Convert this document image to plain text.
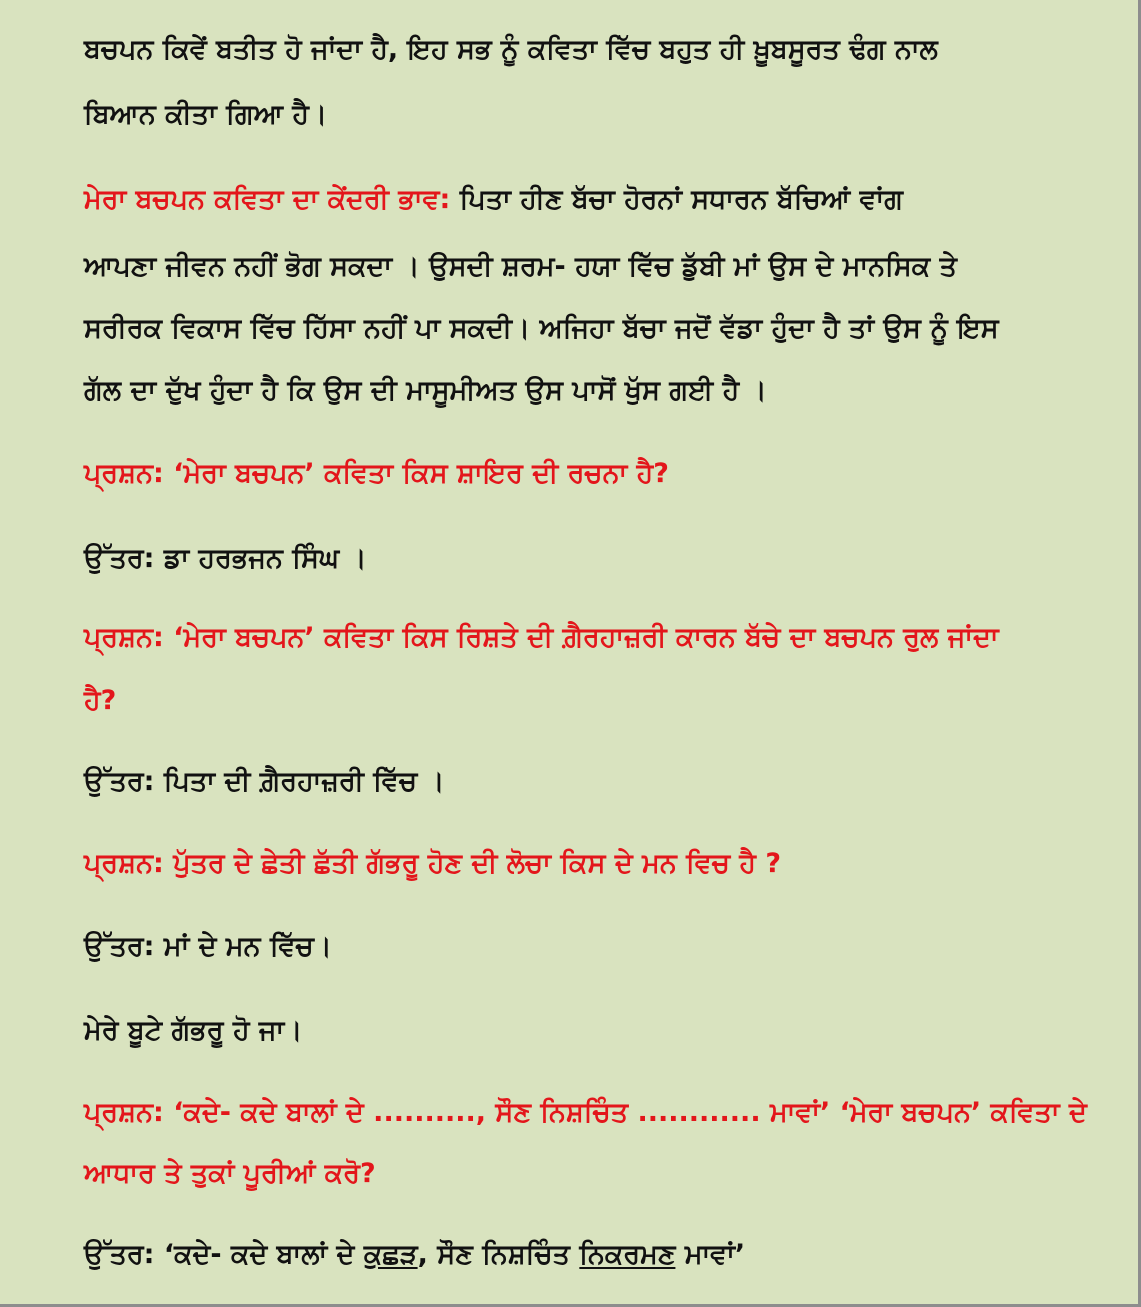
ਬਚਪਨ ਕਿਵੇਂ ਬਤੀਤ ਹੋ ਜਾਂਦਾ ਹੈ, ਇਹ ਸਭ ਨੂੰ ਕਵਿਤਾ ਵਿੱਚ ਬਹੁਤ ਹੀ ਖ਼ੂਬਸੂਰਤ ਢੰਗ ਨਾਲ
ਬਿਆਨ ਕੀਤਾ ਗਿਆ ਹੈ।
ਮੇਰਾ ਬਚਪਨ ਕਵਿਤਾ ਦਾ ਕੇਂਦਰੀ ਭਾਵ: ਪਿਤਾ ਹੀਣ ਬੱਚਾ ਹੋਰਨਾਂ ਸਧਾਰਨ ਬੱਚਿਆਂ ਵਾਂਗ
ਆਪਣਾ ਜੀਵਨ ਨਹੀਂ ਭੋਗ ਸਕਦਾ । ਉਸਦੀ ਸ਼ਰਮ- ਹਯਾ ਵਿੱਚ ਡੁੱਬੀ ਮਾਂ ਉਸ ਦੇ ਮਾਨਸਿਕ ਤੇ
ਸਰੀਰਕ ਵਿਕਾਸ ਵਿੱਚ ਹਿੱਸਾ ਨਹੀਂ ਪਾ ਸਕਦੀ। ਅਜਿਹਾ ਬੱਚਾ ਜਦੋਂ ਵੱਡਾ ਹੁੰਦਾ ਹੈ ਤਾਂ ਉਸ ਨੂੰ ਇਸ
ਗੱਲ ਦਾ ਦੁੱਖ ਹੁੰਦਾ ਹੈ ਕਿ ਉਸ ਦੀ ਮਾਸੂਮੀਅਤ ਉਸ ਪਾਸੋਂ ਖੁੱਸ ਗਈ ਹੈ ।
ਪ੍ਰਸ਼ਨ: ‘ਮੇਰਾ ਬਚਪਨ’ ਕਵਿਤਾ ਕਿਸ ਸ਼ਾਇਰ ਦੀ ਰਚਨਾ ਹੈ?
ਉੱਤਰ: ਡਾ ਹਰਭਜਨ ਸਿੰਘ ।
ਪ੍ਰਸ਼ਨ: ‘ਮੇਰਾ ਬਚਪਨ’ ਕਵਿਤਾ ਕਿਸ ਰਿਸ਼ਤੇ ਦੀ ਗ਼ੈਰਹਾਜ਼ਰੀ ਕਾਰਨ ਬੱਚੇ ਦਾ ਬਚਪਨ ਰੁਲ ਜਾਂਦਾ
ਹੈ?
ਉੱਤਰ: ਪਿਤਾ ਦੀ ਗ਼ੈਰਹਾਜ਼ਰੀ ਵਿੱਚ ।
ਪ੍ਰਸ਼ਨ: ਪੁੱਤਰ ਦੇ ਛੇਤੀ ਛੱਤੀ ਗੱਭਰੂ ਹੋਣ ਦੀ ਲੋਚਾ ਕਿਸ ਦੇ ਮਨ ਵਿਚ ਹੈ ?
ਉੱਤਰ: ਮਾਂ ਦੇ ਮਨ ਵਿੱਚ।
ਮੇਰੇ ਬੂਟੇ ਗੱਭਰੂ ਹੋ ਜਾ।
ਪ੍ਰਸ਼ਨ: ‘ਕਦੇ- ਕਦੇ ਬਾਲਾਂ ਦੇ .........., ਸੌਣ ਨਿਸ਼ਚਿੰਤ ............ ਮਾਵਾਂ’ ‘ਮੇਰਾ ਬਚਪਨ’ ਕਵਿਤਾ ਦੇ
ਆਧਾਰ ਤੇ ਤੁਕਾਂ ਪੂਰੀਆਂ ਕਰੋ?
ਉੱਤਰ: ‘ਕਦੇ- ਕਦੇ ਬਾਲਾਂ ਦੇ ਕੁਛੜ, ਸੌਣ ਨਿਸ਼ਚਿੰਤ ਨਿਕਰਮਣ ਮਾਵਾਂ’
